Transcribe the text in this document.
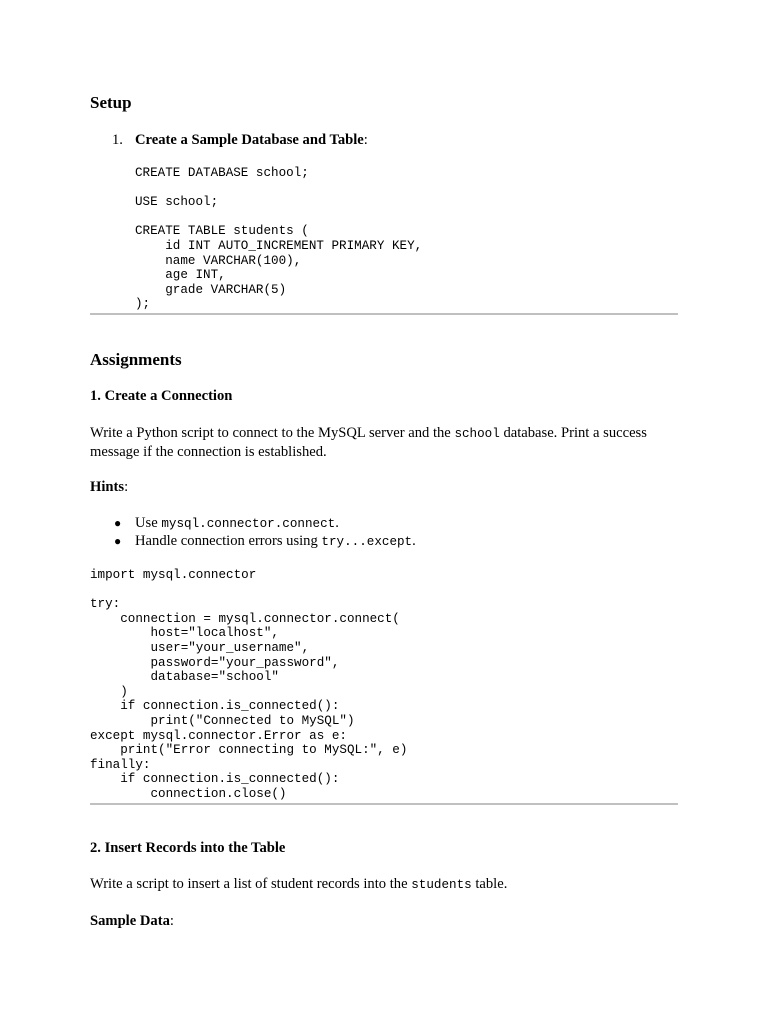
Setup
1. Create a Sample Database and Table:
CREATE DATABASE school;

USE school;

CREATE TABLE students (
id INT AUTO_INCREMENT PRIMARY KEY,
name VARCHAR(100),
age INT,
grade VARCHAR(5)
);
Assignments
1. Create a Connection

Write a Python script to connect to the MySQL server and the school database. Print a success message if the connection is established.

Hints:

● Use mysql.connector.connect.
● Handle connection errors using try...except.
import mysql.connector

try:
connection = mysql.connector.connect(
host="localhost",
user="your_username",
password="your_password",
database="school"
)
if connection.is_connected():
print("Connected to MySQL")
except mysql.connector.Error as e:
print("Error connecting to MySQL:", e)
finally:
if connection.is_connected():
connection.close()
2. Insert Records into the Table

Write a script to insert a list of student records into the students table.

Sample Data:
